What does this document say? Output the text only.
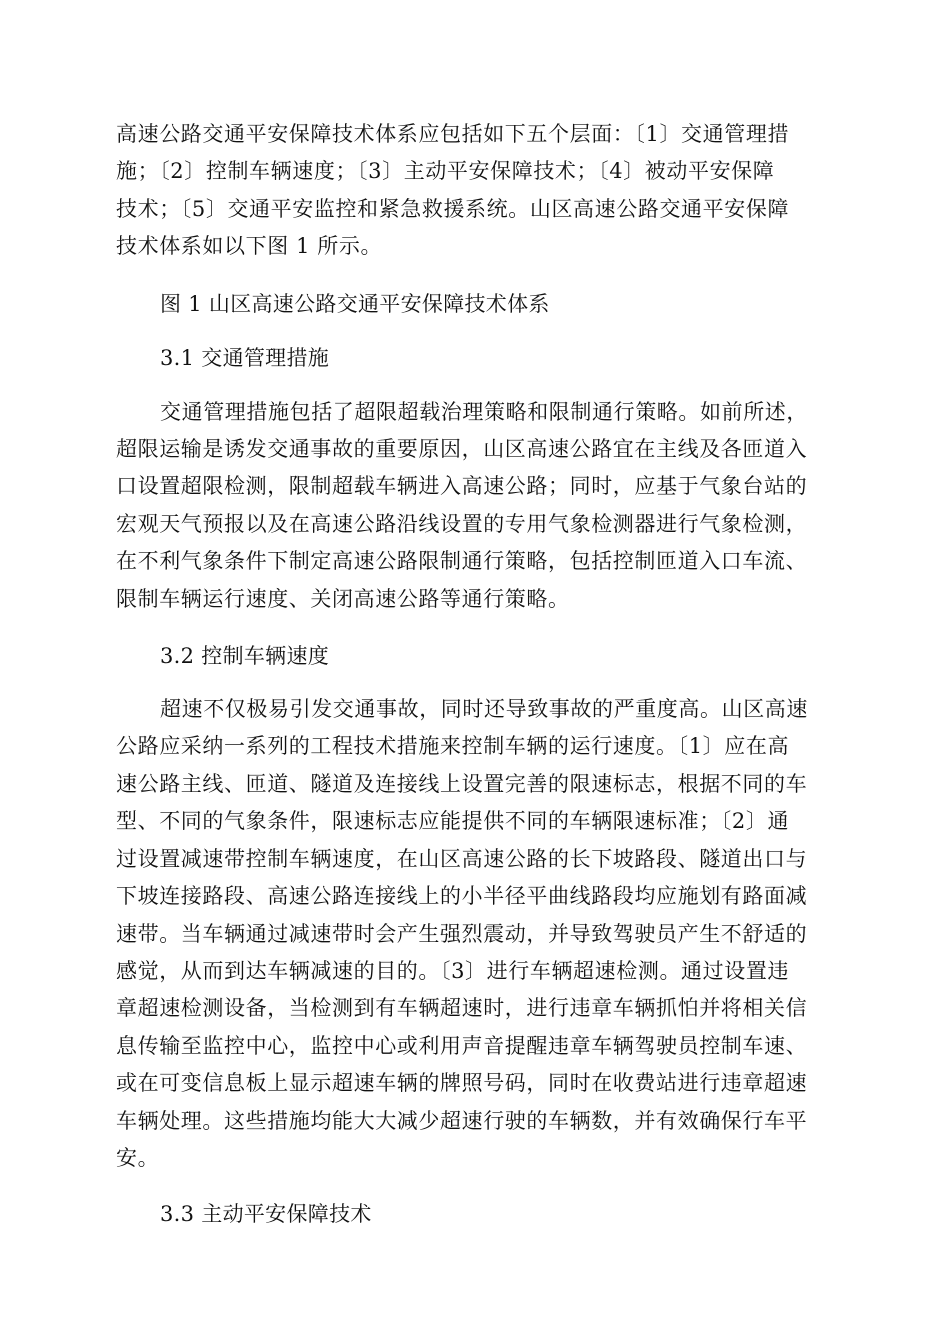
高速公路交通平安保障技术体系应包括如下五个层面：〔1〕交通管理措
施；〔2〕控制车辆速度；〔3〕主动平安保障技术；〔4〕被动平安保障
技术；〔5〕交通平安监控和紧急救援系统。山区高速公路交通平安保障
技术体系如以下图 1 所示。
图 1 山区高速公路交通平安保障技术体系
3.1 交通管理措施
交通管理措施包括了超限超载治理策略和限制通行策略。如前所述，
超限运输是诱发交通事故的重要原因，山区高速公路宜在主线及各匝道入
口设置超限检测，限制超载车辆进入高速公路；同时，应基于气象台站的
宏观天气预报以及在高速公路沿线设置的专用气象检测器进行气象检测，
在不利气象条件下制定高速公路限制通行策略，包括控制匝道入口车流、
限制车辆运行速度、关闭高速公路等通行策略。
3.2 控制车辆速度
超速不仅极易引发交通事故，同时还导致事故的严重度高。山区高速
公路应采纳一系列的工程技术措施来控制车辆的运行速度。〔1〕应在高
速公路主线、匝道、隧道及连接线上设置完善的限速标志，根据不同的车
型、不同的气象条件，限速标志应能提供不同的车辆限速标准；〔2〕通
过设置减速带控制车辆速度，在山区高速公路的长下坡路段、隧道出口与
下坡连接路段、高速公路连接线上的小半径平曲线路段均应施划有路面减
速带。当车辆通过减速带时会产生强烈震动，并导致驾驶员产生不舒适的
感觉，从而到达车辆减速的目的。〔3〕进行车辆超速检测。通过设置违
章超速检测设备，当检测到有车辆超速时，进行违章车辆抓怕并将相关信
息传输至监控中心，监控中心或利用声音提醒违章车辆驾驶员控制车速、
或在可变信息板上显示超速车辆的牌照号码，同时在收费站进行违章超速
车辆处理。这些措施均能大大减少超速行驶的车辆数，并有效确保行车平
安。
3.3 主动平安保障技术
